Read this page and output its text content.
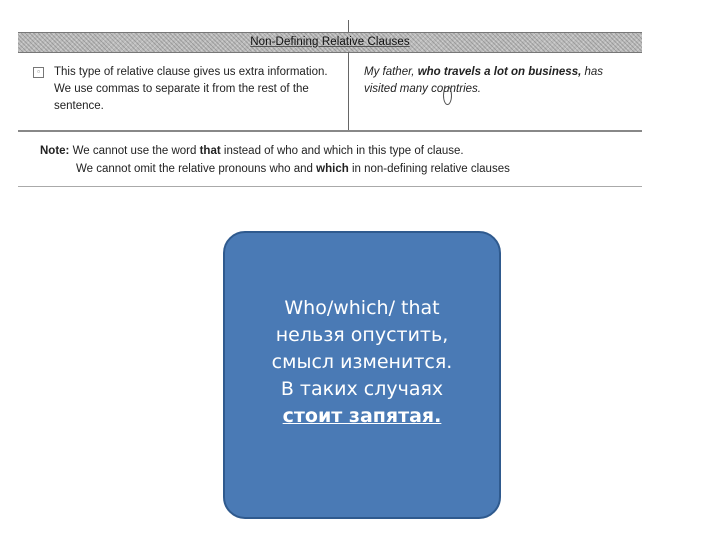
Non-Defining Relative Clauses
▫	This type of relative clause gives us extra information. We use commas to separate it from the rest of the sentence.
My father, who travels a lot on business, has visited many countries.
Note: We cannot use the word that instead of who and which in this type of clause.
We cannot omit the relative pronouns who and which in non-defining relative clauses
Who/which/ that
нельзя опустить,
смысл изменится.
В таких случаях
стоит запятая.
